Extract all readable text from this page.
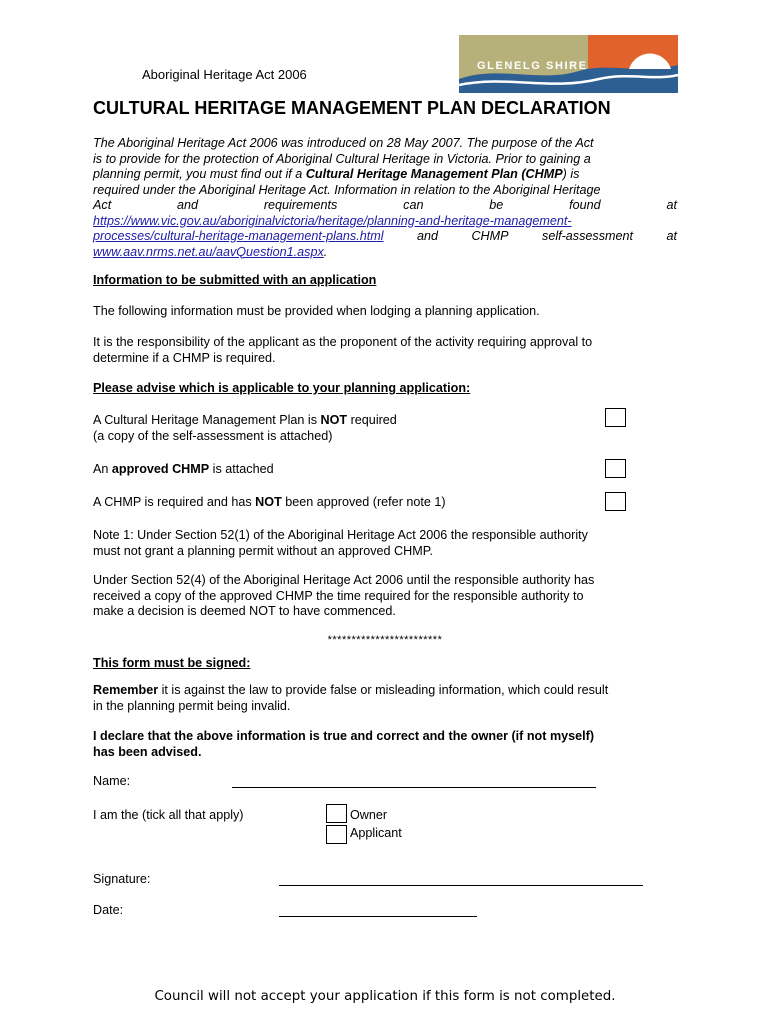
Aboriginal Heritage Act 2006
GLENELG SHIRE
CULTURAL HERITAGE MANAGEMENT PLAN DECLARATION
The Aboriginal Heritage Act 2006 was introduced on 28 May 2007. The purpose of the Act
is to provide for the protection of Aboriginal Cultural Heritage in Victoria. Prior to gaining a
planning permit, you must find out if a Cultural Heritage Management Plan (CHMP) is
required under the Aboriginal Heritage Act. Information in relation to the Aboriginal Heritage
Act	and	requirements	can	be	found	at
https://www.vic.gov.au/aboriginalvictoria/heritage/planning-and-heritage-management-
processes/cultural-heritage-management-plans.html	and	CHMP	self-assessment	at
www.aav.nrms.net.au/aavQuestion1.aspx.
Information to be submitted with an application
The following information must be provided when lodging a planning application.
It is the responsibility of the applicant as the proponent of the activity requiring approval to
determine if a CHMP is required.
Please advise which is applicable to your planning application:
A Cultural Heritage Management Plan is NOT required
(a copy of the self-assessment is attached)
An approved CHMP is attached
A CHMP is required and has NOT been approved (refer note 1)
Note 1: Under Section 52(1) of the Aboriginal Heritage Act 2006 the responsible authority
must not grant a planning permit without an approved CHMP.
Under Section 52(4) of the Aboriginal Heritage Act 2006 until the responsible authority has
received a copy of the approved CHMP the time required for the responsible authority to
make a decision is deemed NOT to have commenced.
************************
This form must be signed:
Remember it is against the law to provide false or misleading information, which could result
in the planning permit being invalid.
I declare that the above information is true and correct and the owner (if not myself)
has been advised.
Name:
I am the (tick all that apply)	Owner
Applicant
Signature:
Date:
Council will not accept your application if this form is not completed.
